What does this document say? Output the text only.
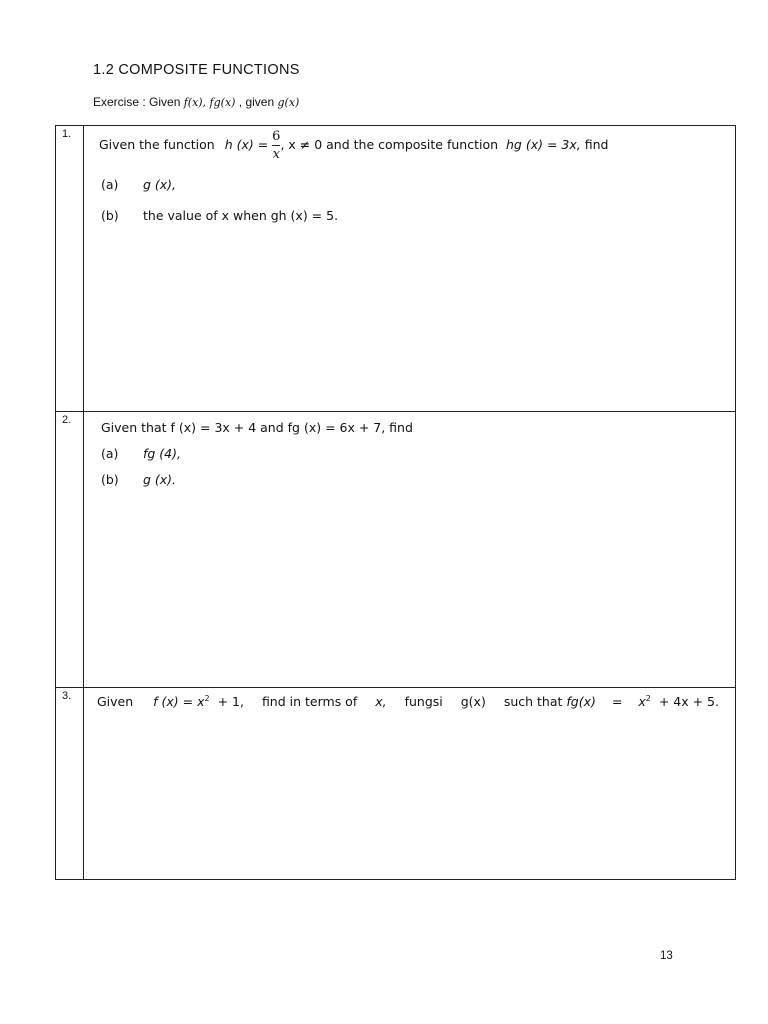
1.2 COMPOSITE FUNCTIONS
Exercise : Given f(x), fg(x) , given g(x)
1.
Given the function h $(x) = \frac{6}{x}$ , x ≠ 0 and the composite function hg (x) = 3x, find
(a) g (x),
(b) the value of x when gh (x) = 5.
2. Given that f (x) = 3x + 4 and fg (x) = 6x + 7, find
(a) fg (4),
(b) g (x).
3. Given f $(x) = x^2 + 1$, find in terms of x, fungsi g(x) such that $fg(x) = x^2 + 4x + 5$.
13
